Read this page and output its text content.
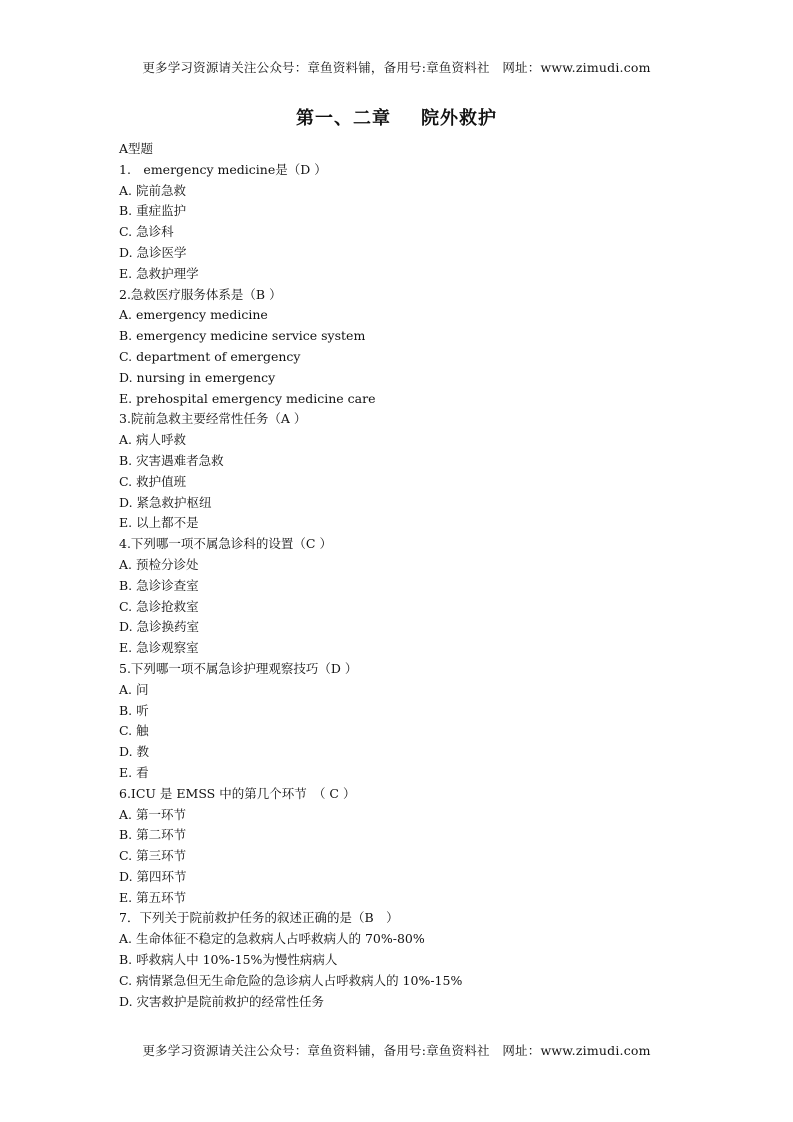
更多学习资源请关注公众号：章鱼资料铺，备用号:章鱼资料社　网址：www.zimudi.com
第一、二章 院外救护
A型题
1.　emergency medicine是（D ）
A. 院前急救
B. 重症监护
C. 急诊科
D. 急诊医学
E. 急救护理学
2.急救医疗服务体系是（B ）
A. emergency medicine
B. emergency medicine service system
C. department of emergency
D. nursing in emergency
E. prehospital emergency medicine care
3.院前急救主要经常性任务（A ）
A. 病人呼救
B. 灾害遇难者急救
C. 救护值班
D. 紧急救护枢纽
E. 以上都不是
4.下列哪一项不属急诊科的设置（C ）
A. 预检分诊处
B. 急诊诊查室
C. 急诊抢救室
D. 急诊换药室
E. 急诊观察室
5.下列哪一项不属急诊护理观察技巧（D ）
A. 问
B. 听
C. 触
D. 教
E. 看
6.ICU 是 EMSS 中的第几个环节　（ C ）
A. 第一环节
B. 第二环节
C. 第三环节
D. 第四环节
E. 第五环节
7．下列关于院前救护任务的叙述正确的是（B　）
A. 生命体征不稳定的急救病人占呼救病人的 70%-80%
B. 呼救病人中 10%-15%为慢性病病人
C. 病情紧急但无生命危险的急诊病人占呼救病人的 10%-15%
D. 灾害救护是院前救护的经常性任务
更多学习资源请关注公众号：章鱼资料铺，备用号:章鱼资料社　网址：www.zimudi.com
